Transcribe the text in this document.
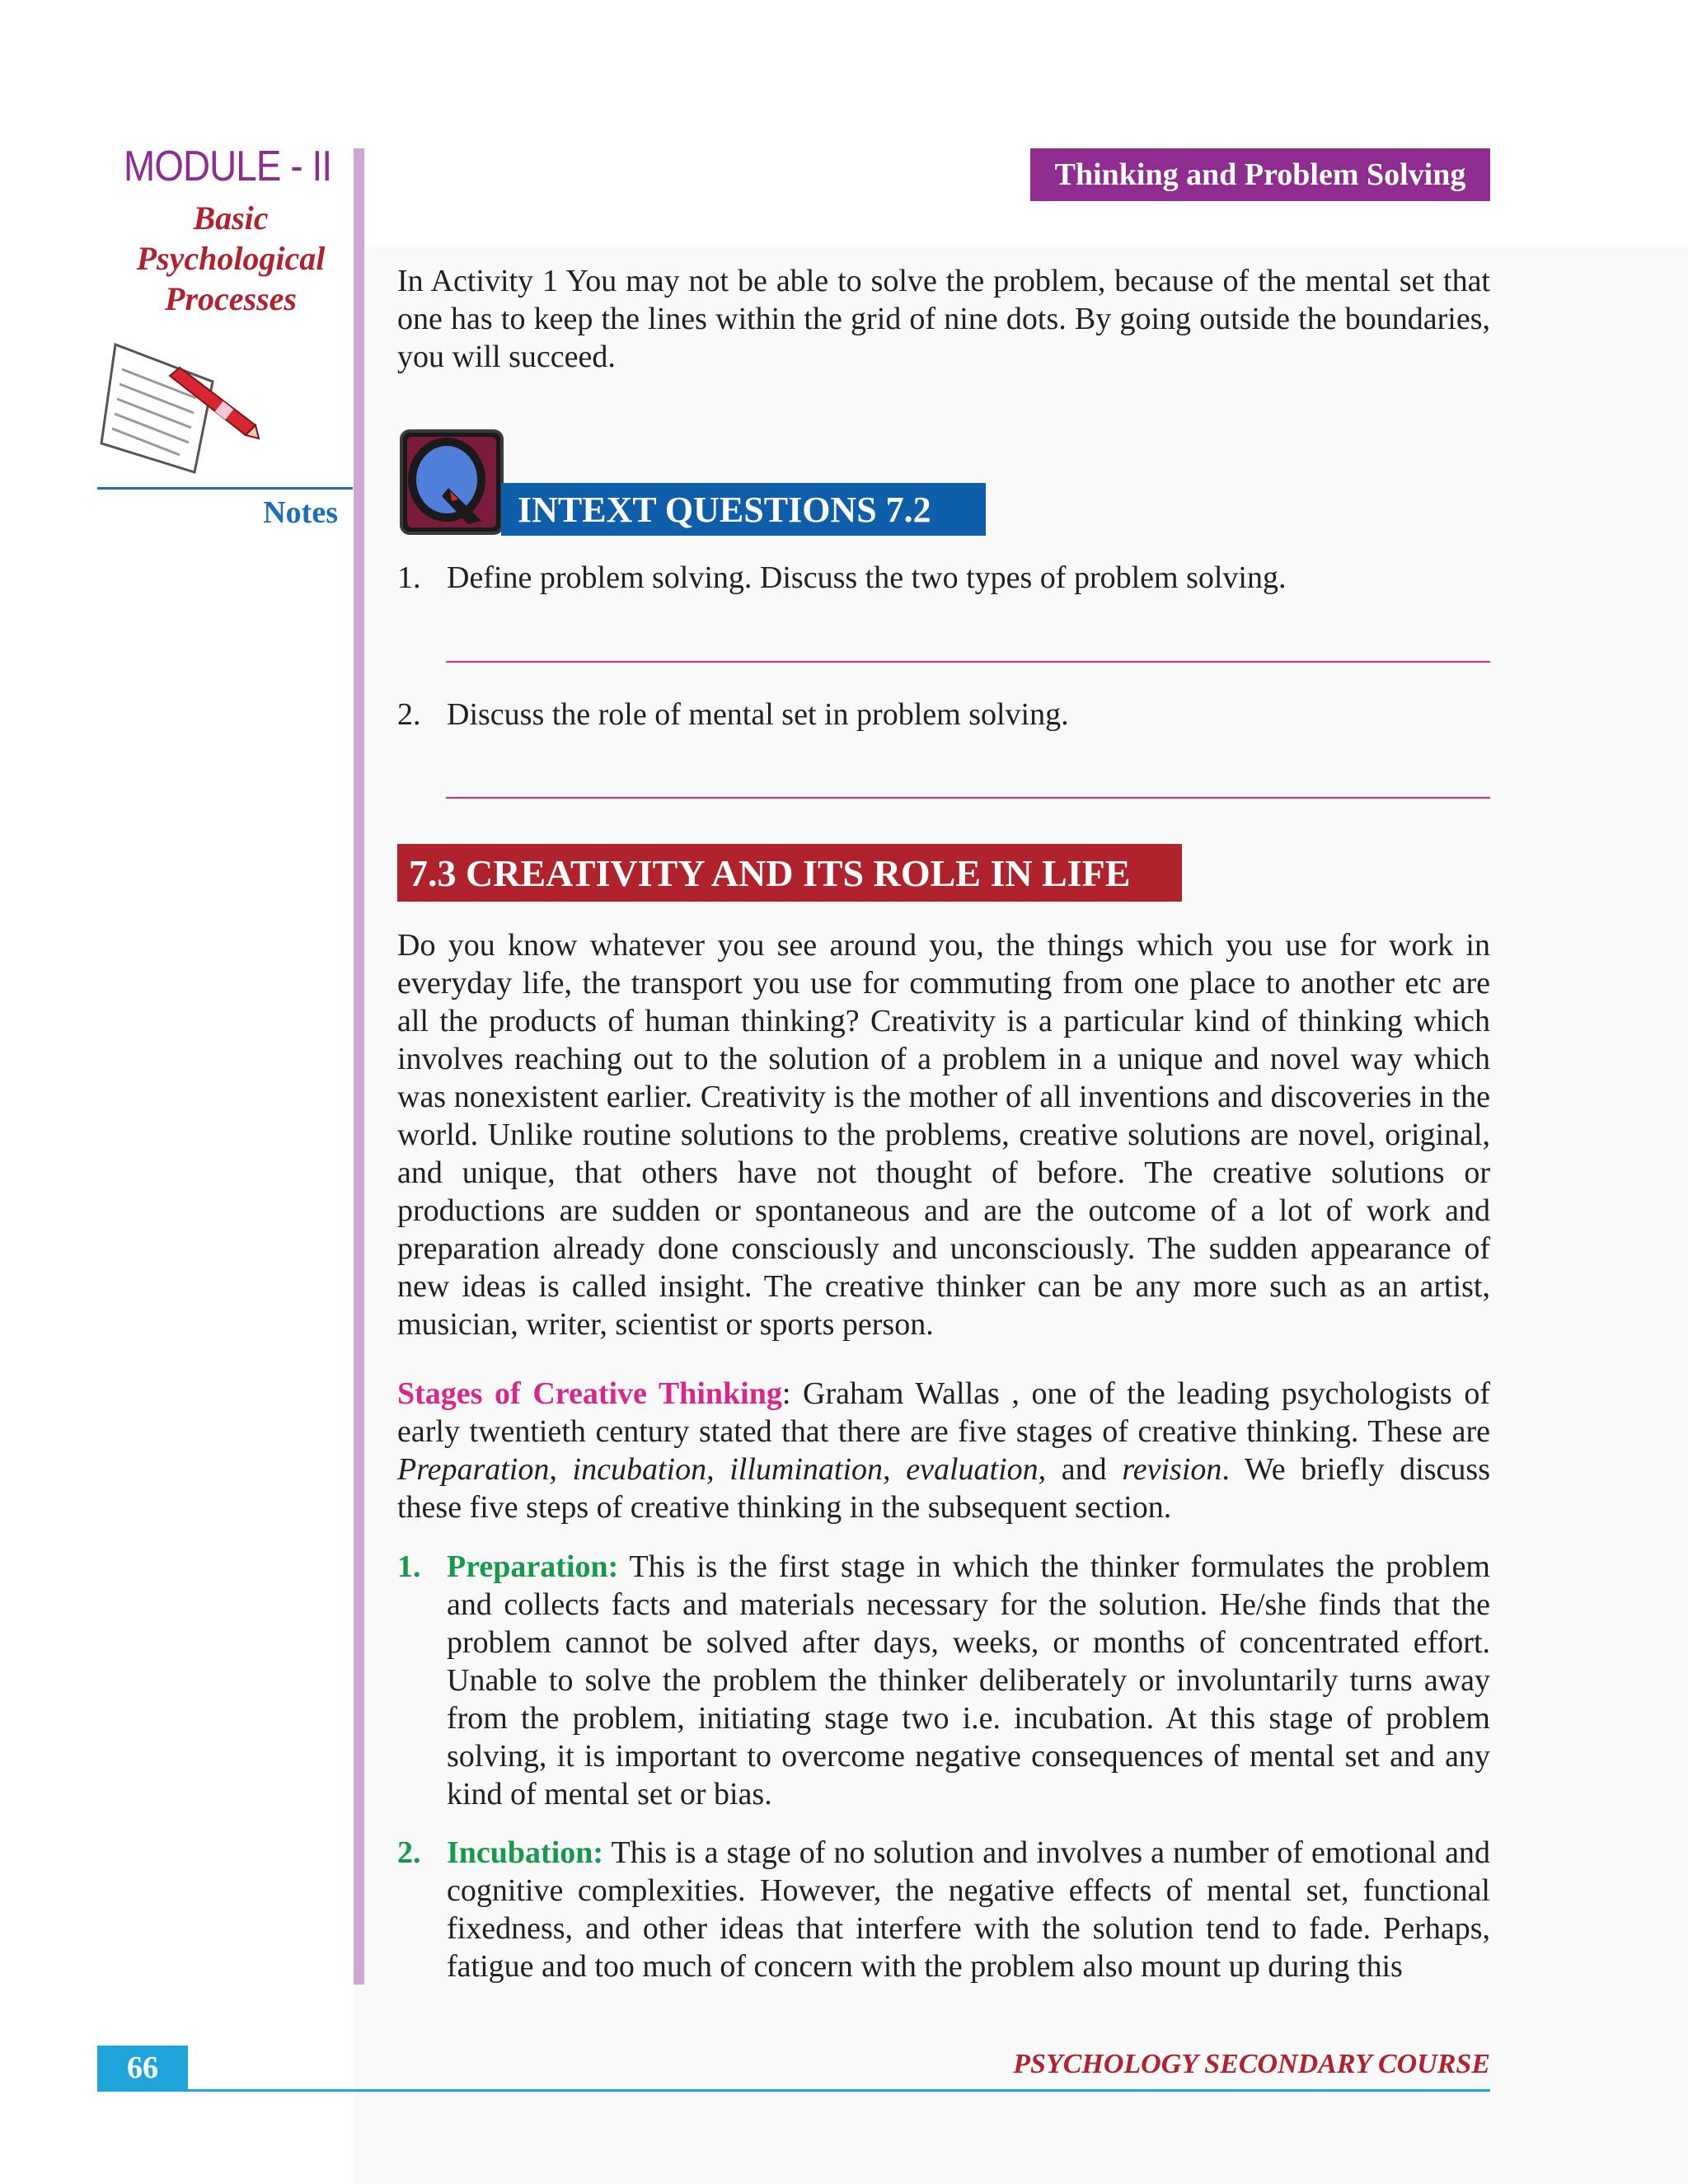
MODULE - II
Basic Psychological Processes
Notes
Thinking and Problem Solving
In Activity 1 You may not be able to solve the problem, because of the mental set that one has to keep the lines within the grid of nine dots. By going outside the boundaries, you will succeed.
INTEXT QUESTIONS 7.2
1. Define problem solving. Discuss the two types of problem solving.
2. Discuss the role of mental set in problem solving.
7.3 CREATIVITY AND ITS ROLE IN LIFE
Do you know whatever you see around you, the things which you use for work in everyday life, the transport you use for commuting from one place to another etc are all the products of human thinking? Creativity is a particular kind of thinking which involves reaching out to the solution of a problem in a unique and novel way which was nonexistent earlier. Creativity is the mother of all inventions and discoveries in the world. Unlike routine solutions to the problems, creative solutions are novel, original, and unique, that others have not thought of before. The creative solutions or productions are sudden or spontaneous and are the outcome of a lot of work and preparation already done consciously and unconsciously. The sudden appearance of new ideas is called insight. The creative thinker can be any more such as an artist, musician, writer, scientist or sports person.
Stages of Creative Thinking: Graham Wallas , one of the leading psychologists of early twentieth century stated that there are five stages of creative thinking. These are Preparation, incubation, illumination, evaluation, and revision. We briefly discuss these five steps of creative thinking in the subsequent section.
1. Preparation: This is the first stage in which the thinker formulates the problem and collects facts and materials necessary for the solution. He/she finds that the problem cannot be solved after days, weeks, or months of concentrated effort. Unable to solve the problem the thinker deliberately or involuntarily turns away from the problem, initiating stage two i.e. incubation. At this stage of problem solving, it is important to overcome negative consequences of mental set and any kind of mental set or bias.
2. Incubation: This is a stage of no solution and involves a number of emotional and cognitive complexities. However, the negative effects of mental set, functional fixedness, and other ideas that interfere with the solution tend to fade. Perhaps, fatigue and too much of concern with the problem also mount up during this
66	PSYCHOLOGY SECONDARY COURSE
